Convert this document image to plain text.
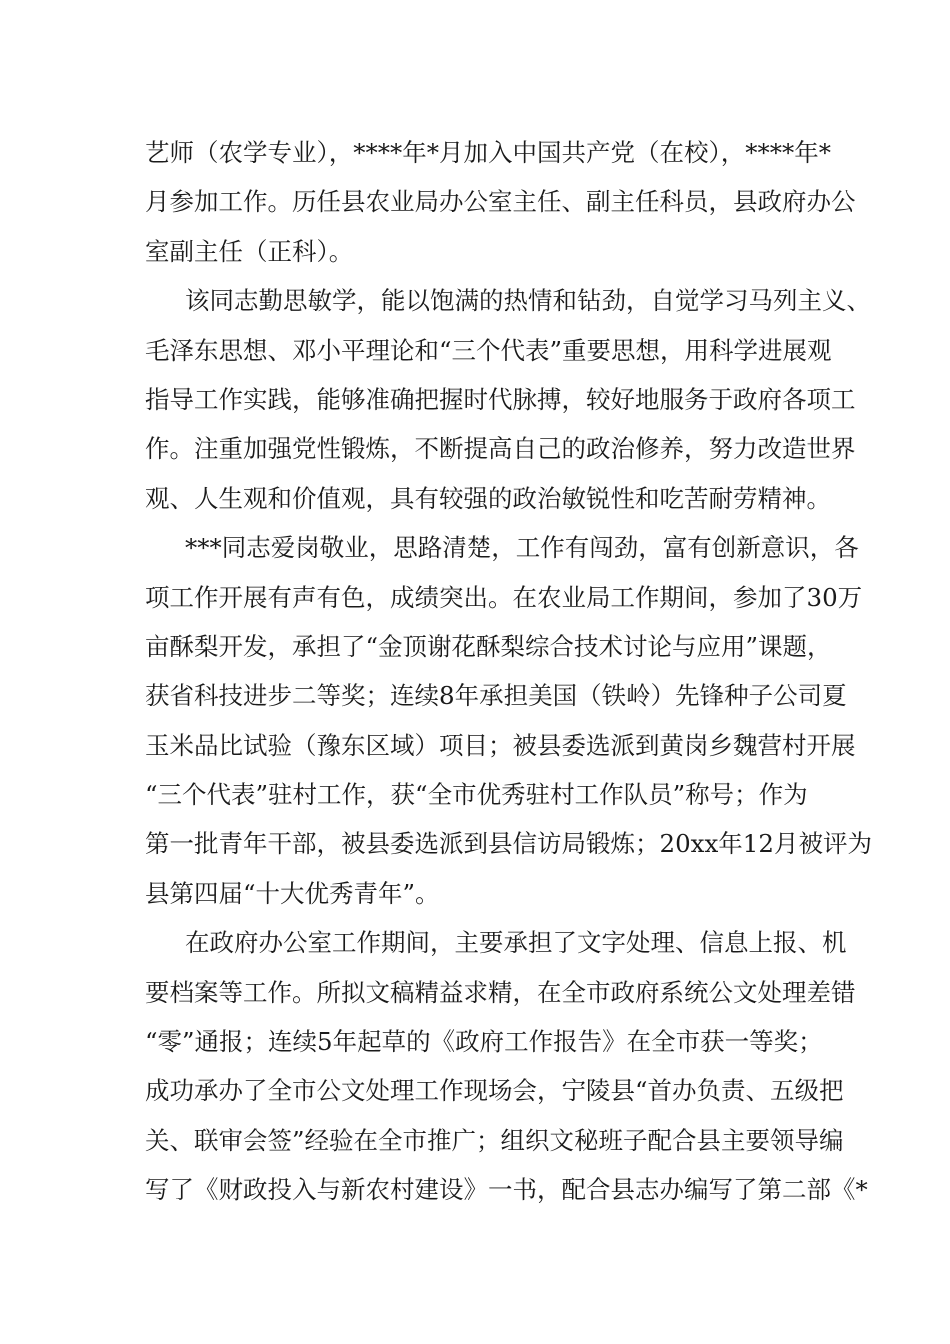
艺师（农学专业），****年*月加入中国共产党（在校），****年*
月参加工作。历任县农业局办公室主任、副主任科员，县政府办公
室副主任（正科）。
该同志勤思敏学，能以饱满的热情和钻劲，自觉学习马列主义、
毛泽东思想、邓小平理论和“三个代表”重要思想，用科学进展观
指导工作实践，能够准确把握时代脉搏，较好地服务于政府各项工
作。注重加强党性锻炼，不断提高自己的政治修养，努力改造世界
观、人生观和价值观，具有较强的政治敏锐性和吃苦耐劳精神。
***同志爱岗敬业，思路清楚，工作有闯劲，富有创新意识，各
项工作开展有声有色，成绩突出。在农业局工作期间，参加了30万
亩酥梨开发，承担了“金顶谢花酥梨综合技术讨论与应用”课题，
获省科技进步二等奖；连续8年承担美国（铁岭）先锋种子公司夏
玉米品比试验（豫东区域）项目；被县委选派到黄岗乡魏营村开展
“三个代表”驻村工作，获“全市优秀驻村工作队员”称号；作为
第一批青年干部，被县委选派到县信访局锻炼；20xx年12月被评为
县第四届“十大优秀青年”。
在政府办公室工作期间，主要承担了文字处理、信息上报、机
要档案等工作。所拟文稿精益求精，在全市政府系统公文处理差错
“零”通报；连续5年起草的《政府工作报告》在全市获一等奖；
成功承办了全市公文处理工作现场会，宁陵县“首办负责、五级把
关、联审会签”经验在全市推广；组织文秘班子配合县主要领导编
写了《财政投入与新农村建设》一书，配合县志办编写了第二部《*
